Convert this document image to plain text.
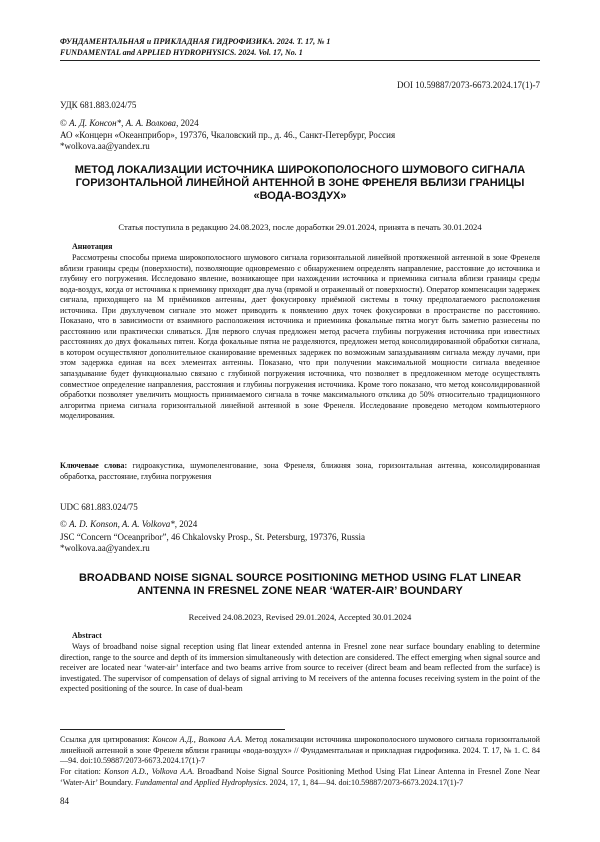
ФУНДАМЕНТАЛЬНАЯ и ПРИКЛАДНАЯ ГИДРОФИЗИКА. 2024. Т. 17, № 1
FUNDAMENTAL and APPLIED HYDROPHYSICS. 2024. Vol. 17, No. 1
DOI 10.59887/2073-6673.2024.17(1)-7
УДК 681.883.024/75
© А. Д. Консон*, А. А. Волкова, 2024
АО «Концерн «Океанприбор», 197376, Чкаловский пр., д. 46., Санкт-Петербург, Россия
*wolkova.aa@yandex.ru
МЕТОД ЛОКАЛИЗАЦИИ ИСТОЧНИКА ШИРОКОПОЛОСНОГО ШУМОВОГО СИГНАЛА ГОРИЗОНТАЛЬНОЙ ЛИНЕЙНОЙ АНТЕННОЙ В ЗОНЕ ФРЕНЕЛЯ ВБЛИЗИ ГРАНИЦЫ «ВОДА-ВОЗДУХ»
Статья поступила в редакцию 24.08.2023, после доработки 29.01.2024, принята в печать 30.01.2024
Аннотация
Рассмотрены способы приема широкополосного шумового сигнала горизонтальной линейной протяженной антенной в зоне Френеля вблизи границы среды (поверхности), позволяющие одновременно с обнаружением определять направление, расстояние до источника и глубину его погружения. Исследовано явление, возникающее при нахождении источника и приемника сигнала вблизи границы среды вода-воздух, когда от источника к приемнику приходят два луча (прямой и отраженный от поверхности). Оператор компенсации задержек сигнала, приходящего на M приёмников антенны, дает фокусировку приёмной системы в точку предполагаемого расположения источника. При двухлучевом сигнале это может приводить к появлению двух точек фокусировки в пространстве по расстоянию. Показано, что в зависимости от взаимного расположения источника и приемника фокальные пятна могут быть заметно разнесены по расстоянию или практически сливаться. Для первого случая предложен метод расчета глубины погружения источника при известных расстояниях до двух фокальных пятен. Когда фокальные пятна не разделяются, предложен метод консолидированной обработки сигнала, в котором осуществляют дополнительное сканирование временных задержек по возможным запаздываниям сигнала между лучами, при этом задержка единая на всех элементах антенны. Показано, что при получении максимальной мощности сигнала введенное запаздывание будет функционально связано с глубиной погружения источника, что позволяет в предложенном методе осуществлять совместное определение направления, расстояния и глубины погружения источника. Кроме того показано, что метод консолидированной обработки позволяет увеличить мощность принимаемого сигнала в точке максимального отклика до 50% относительно традиционного алгоритма приема сигнала горизонтальной линейной антенной в зоне Френеля. Исследование проведено методом компьютерного моделирования.
Ключевые слова: гидроакустика, шумопеленгование, зона Френеля, ближняя зона, горизонтальная антенна, консолидированная обработка, расстояние, глубина погружения
UDC 681.883.024/75
© A. D. Konson, A. A. Volkova*, 2024
JSC “Concern “Oceanpribor”, 46 Chkalovsky Prosp., St. Petersburg, 197376, Russia
*wolkova.aa@yandex.ru
BROADBAND NOISE SIGNAL SOURCE POSITIONING METHOD USING FLAT LINEAR ANTENNA IN FRESNEL ZONE NEAR ‘WATER-AIR’ BOUNDARY
Received 24.08.2023, Revised 29.01.2024, Accepted 30.01.2024
Abstract
Ways of broadband noise signal reception using flat linear extended antenna in Fresnel zone near surface boundary enabling to determine direction, range to the source and depth of its immersion simultaneously with detection are considered. The effect emerging when signal source and receiver are located near ‘water-air’ interface and two beams arrive from source to receiver (direct beam and beam reflected from the surface) is investigated. The supervisor of compensation of delays of signal arriving to M receivers of the antenna focuses receiving system in the point of the expected positioning of the source. In case of dual-beam
Ссылка для цитирования: Консон А.Д., Волкова А.А. Метод локализации источника широкополосного шумового сигнала горизонтальной линейной антенной в зоне Френеля вблизи границы «вода-воздух» // Фундаментальная и прикладная гидрофизика. 2024. Т. 17, № 1. С. 84—94. doi:10.59887/2073-6673.2024.17(1)-7
For citation: Konson A.D., Volkova A.A. Broadband Noise Signal Source Positioning Method Using Flat Linear Antenna in Fresnel Zone Near ‘Water-Air’ Boundary. Fundamental and Applied Hydrophysics. 2024, 17, 1, 84—94. doi:10.59887/2073-6673.2024.17(1)-7
84
